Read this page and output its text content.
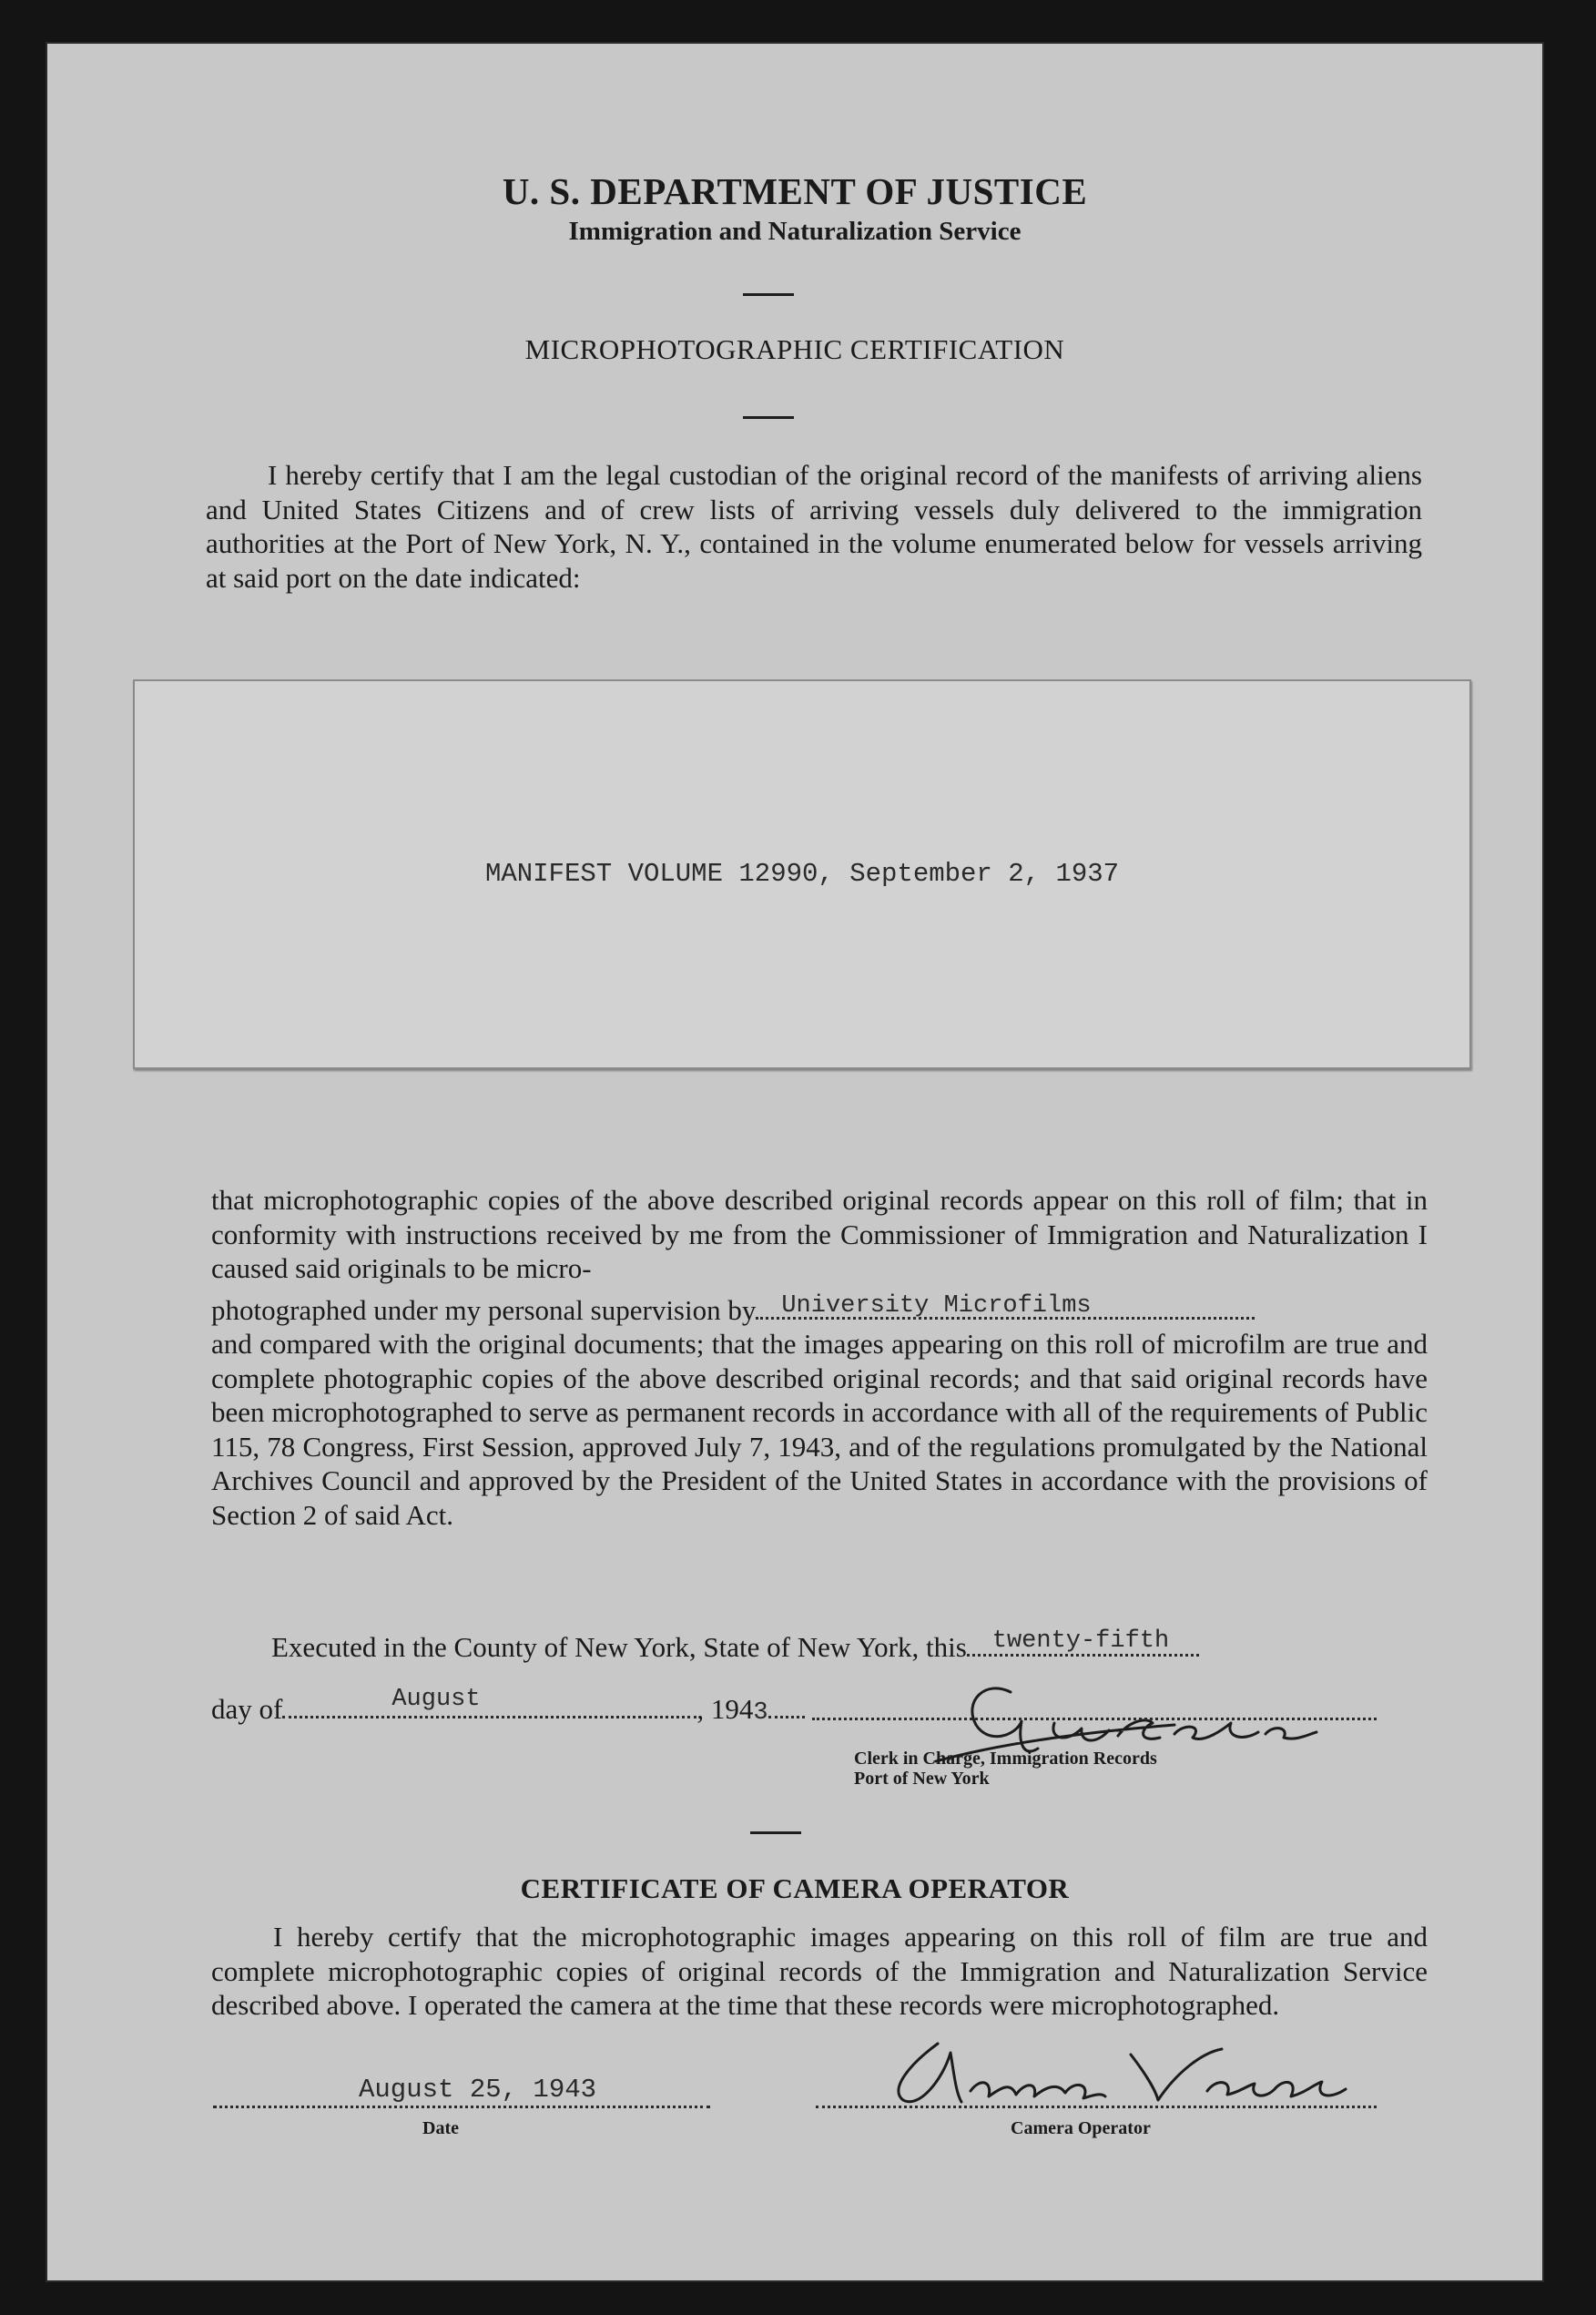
U. S. DEPARTMENT OF JUSTICE
Immigration and Naturalization Service
MICROPHOTOGRAPHIC CERTIFICATION

I hereby certify that I am the legal custodian of the original record of the manifests of arriving aliens and United States Citizens and of crew lists of arriving vessels duly delivered to the immigration authorities at the Port of New York, N. Y., contained in the volume enumerated below for vessels arriving at said port on the date indicated:

MANIFEST VOLUME 12990, September 2, 1937

that microphotographic copies of the above described original records appear on this roll of film; that in conformity with instructions received by me from the Commissioner of Immigration and Naturalization I caused said originals to be micro-

photographed under my personal supervision by University Microfilms

and compared with the original documents; that the images appearing on this roll of microfilm are true and complete photographic copies of the above described original records; and that said original records have been microphotographed to serve as permanent records in accordance with all of the requirements of Public 115, 78 Congress, First Session, approved July 7, 1943, and of the regulations promulgated by the National Archives Council and approved by the President of the United States in accordance with the provisions of Section 2 of said Act.

Executed in the County of New York, State of New York, this twenty-fifth
day of	August	, 1943
Clerk in Charge, Immigration Records
Port of New York
CERTIFICATE OF CAMERA OPERATOR

I hereby certify that the microphotographic images appearing on this roll of film are true and complete microphotographic copies of original records of the Immigration and Naturalization Service described above. I operated the camera at the time that these records were microphotographed.

August 25, 1943
Date	Camera Operator
